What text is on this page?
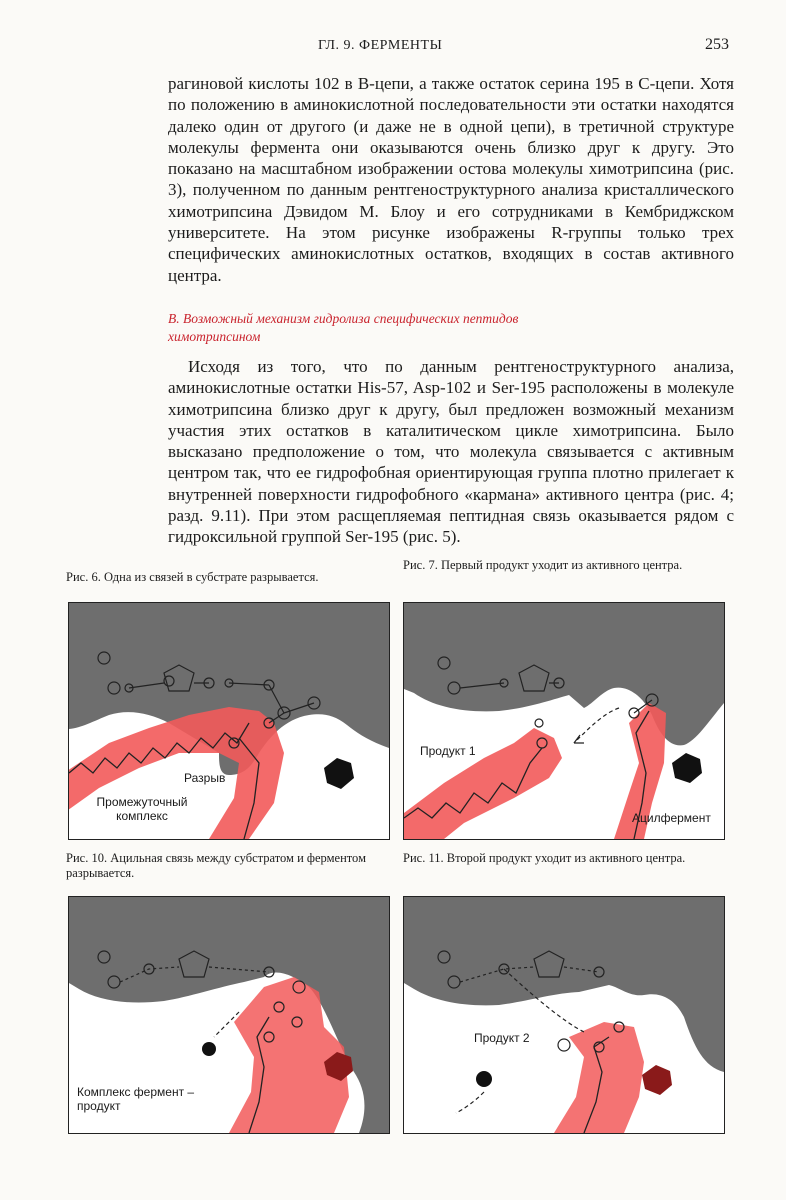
ГЛ. 9. ФЕРМЕНТЫ	253

рагиновой кислоты 102 в В-цепи, а также остаток серина 195 в С-цепи. Хотя по положению в аминокислотной последовательности эти остатки находятся далеко один от другого (и даже не в одной цепи), в третичной структуре молекулы фермента они оказываются очень близко друг к другу. Это показано на масштабном изображении остова молекулы химотрипсина (рис. 3), полученном по данным рентгеноструктурного анализа кристаллического химотрипсина Дэвидом М. Блоу и его сотрудниками в Кембриджском университете. На этом рисунке изображены R-группы только трех специфических аминокислотных остатков, входящих в состав активного центра.

В. Возможный механизм гидролиза специфических пептидов химотрипсином

Исходя из того, что по данным рентгеноструктурного анализа, аминокислотные остатки His-57, Asp-102 и Ser-195 расположены в молекуле химотрипсина близко друг к другу, был предложен возможный механизм участия этих остатков в каталитическом цикле химотрипсина. Было высказано предположение о том, что молекула связывается с активным центром так, что ее гидрофобная ориентирующая группа плотно прилегает к внутренней поверхности гидрофобного «кармана» активного центра (рис. 4; разд. 9.11). При этом расщепляемая пептидная связь оказывается рядом с гидроксильной группой Ser-195 (рис. 5).

Рис. 6. Одна из связей в субстрате разрывается.

Рис. 7. Первый продукт уходит из активного центра.

Рис. 10. Ацильная связь между субстратом и ферментом разрывается.

Рис. 11. Второй продукт уходит из активного центра.

Разрыв
Промежуточный комплекс
Продукт 1
Ацилфермент
Комплекс фермент – продукт
Продукт 2
